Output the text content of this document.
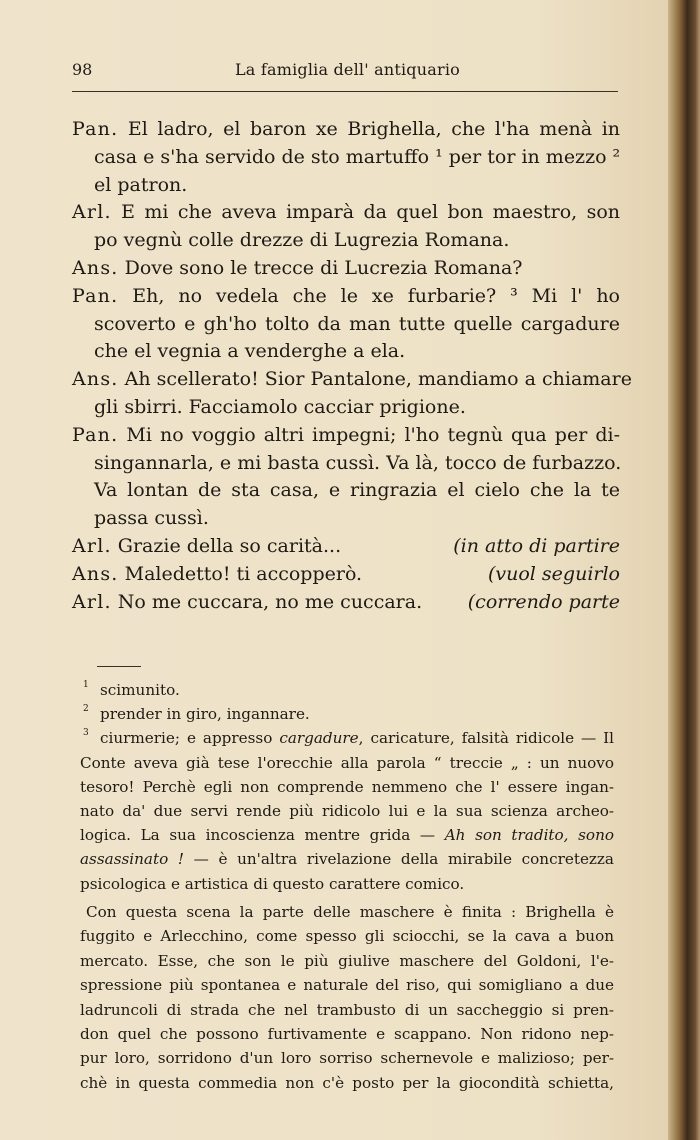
98	La famiglia dell' antiquario
Pan. El ladro, el baron xe Brighella, che l'ha menà in
casa e s'ha servido de sto martuffo ¹ per tor in mezzo ²
el patron.
Arl. E mi che aveva imparà da quel bon maestro, son
po vegnù colle drezze di Lugrezia Romana.
Ans. Dove sono le trecce di Lucrezia Romana?
Pan. Eh, no vedela che le xe furbarie? ³ Mi l' ho
scoverto e gh'ho tolto da man tutte quelle cargadure
che el vegnia a venderghe a ela.
Ans. Ah scellerato! Sior Pantalone, mandiamo a chiamare
gli sbirri. Facciamolo cacciar prigione.
Pan. Mi no voggio altri impegni; l'ho tegnù qua per di-
singannarla, e mi basta cussì. Va là, tocco de furbazzo.
Va lontan de sta casa, e ringrazia el cielo che la te
passa cussì.
Arl. Grazie della so carità...	(in atto di partire
Ans. Maledetto! ti accopperò.	(vuol seguirlo
Arl. No me cuccara, no me cuccara. (correndo parte
1 scimunito.
2 prender in giro, ingannare.
3 ciurmerie; e appresso cargadure, caricature, falsità ridicole — Il
Conte aveva già tese l'orecchie alla parola “ treccie „ : un nuovo
tesoro! Perchè egli non comprende nemmeno che l' essere ingan-
nato da' due servi rende più ridicolo lui e la sua scienza archeo-
logica. La sua incoscienza mentre grida — Ah son tradito, sono
assassinato ! — è un'altra rivelazione della mirabile concretezza
psicologica e artistica di questo carattere comico.
Con questa scena la parte delle maschere è finita : Brighella è
fuggito e Arlecchino, come spesso gli sciocchi, se la cava a buon
mercato. Esse, che son le più giulive maschere del Goldoni, l'e-
spressione più spontanea e naturale del riso, qui somigliano a due
ladruncoli di strada che nel trambusto di un saccheggio si pren-
don quel che possono furtivamente e scappano. Non ridono nep-
pur loro, sorridono d'un loro sorriso schernevole e malizioso; per-
chè in questa commedia non c'è posto per la giocondità schietta,
